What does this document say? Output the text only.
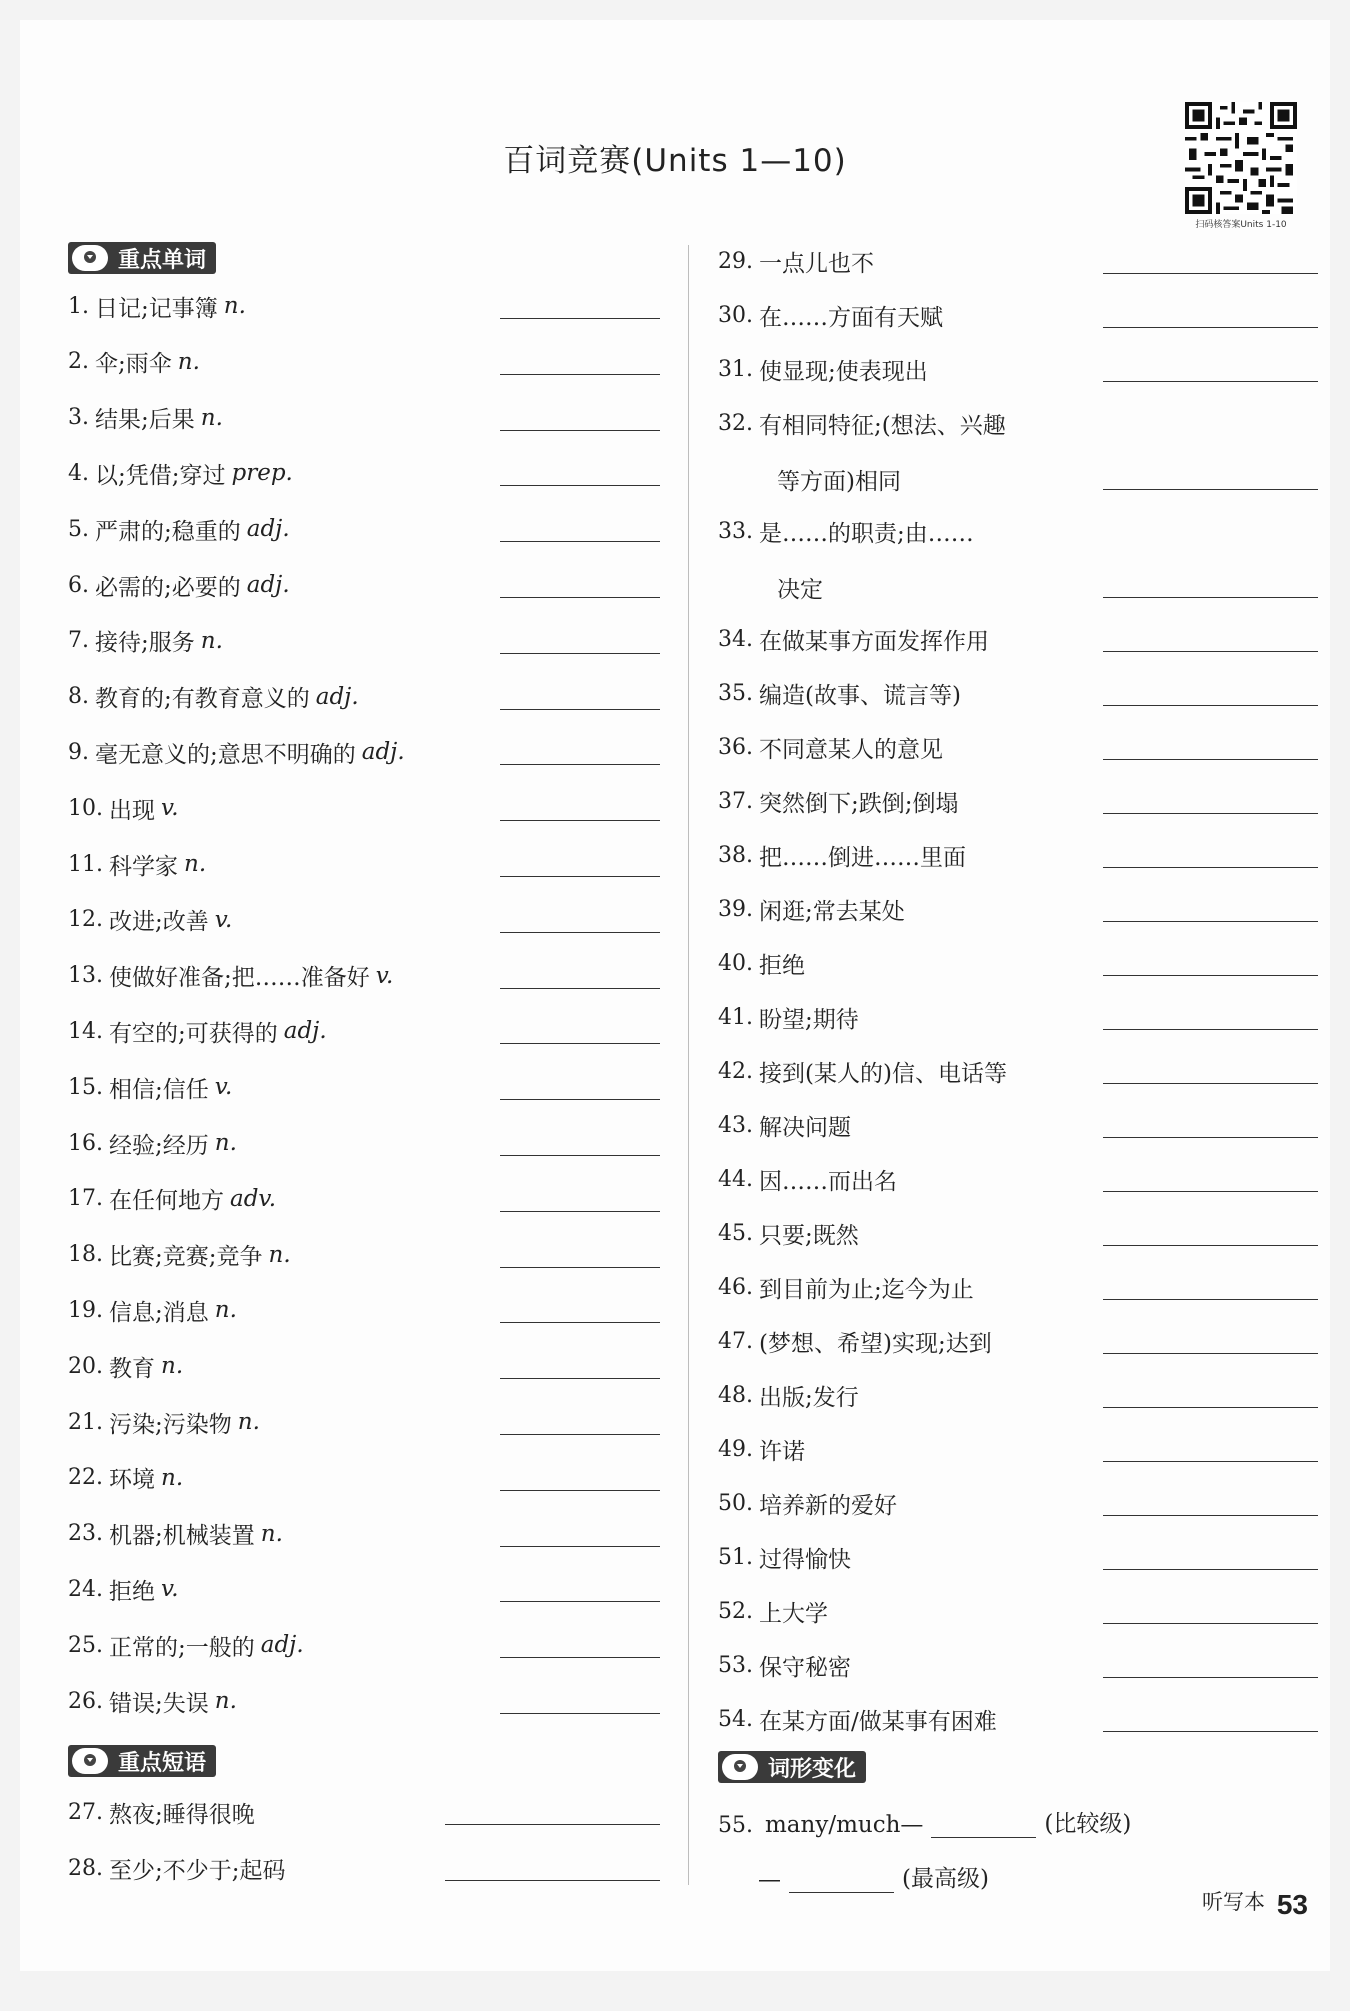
百词竞赛(Units 1—10)
扫码核答案Units 1-10
重点单词
1. 日记;记事簿 n.
2. 伞;雨伞 n.
3. 结果;后果 n.
4. 以;凭借;穿过 prep.
5. 严肃的;稳重的 adj.
6. 必需的;必要的 adj.
7. 接待;服务 n.
8. 教育的;有教育意义的 adj.
9. 毫无意义的;意思不明确的 adj.
10. 出现 v.
11. 科学家 n.
12. 改进;改善 v.
13. 使做好准备;把……准备好 v.
14. 有空的;可获得的 adj.
15. 相信;信任 v.
16. 经验;经历 n.
17. 在任何地方 adv.
18. 比赛;竞赛;竞争 n.
19. 信息;消息 n.
20. 教育 n.
21. 污染;污染物 n.
22. 环境 n.
23. 机器;机械装置 n.
24. 拒绝 v.
25. 正常的;一般的 adj.
26. 错误;失误 n.
重点短语
27. 熬夜;睡得很晚
28. 至少;不少于;起码
29. 一点儿也不
30. 在……方面有天赋
31. 使显现;使表现出
32. 有相同特征;(想法、兴趣
等方面)相同
33. 是……的职责;由……
决定
34. 在做某事方面发挥作用
35. 编造(故事、谎言等)
36. 不同意某人的意见
37. 突然倒下;跌倒;倒塌
38. 把……倒进……里面
39. 闲逛;常去某处
40. 拒绝
41. 盼望;期待
42. 接到(某人的)信、电话等
43. 解决问题
44. 因……而出名
45. 只要;既然
46. 到目前为止;迄今为止
47. (梦想、希望)实现;达到
48. 出版;发行
49. 许诺
50. 培养新的爱好
51. 过得愉快
52. 上大学
53. 保守秘密
54. 在某方面/做某事有困难
词形变化
55. many/much—	(比较级)
—	(最高级)
听写本 53
